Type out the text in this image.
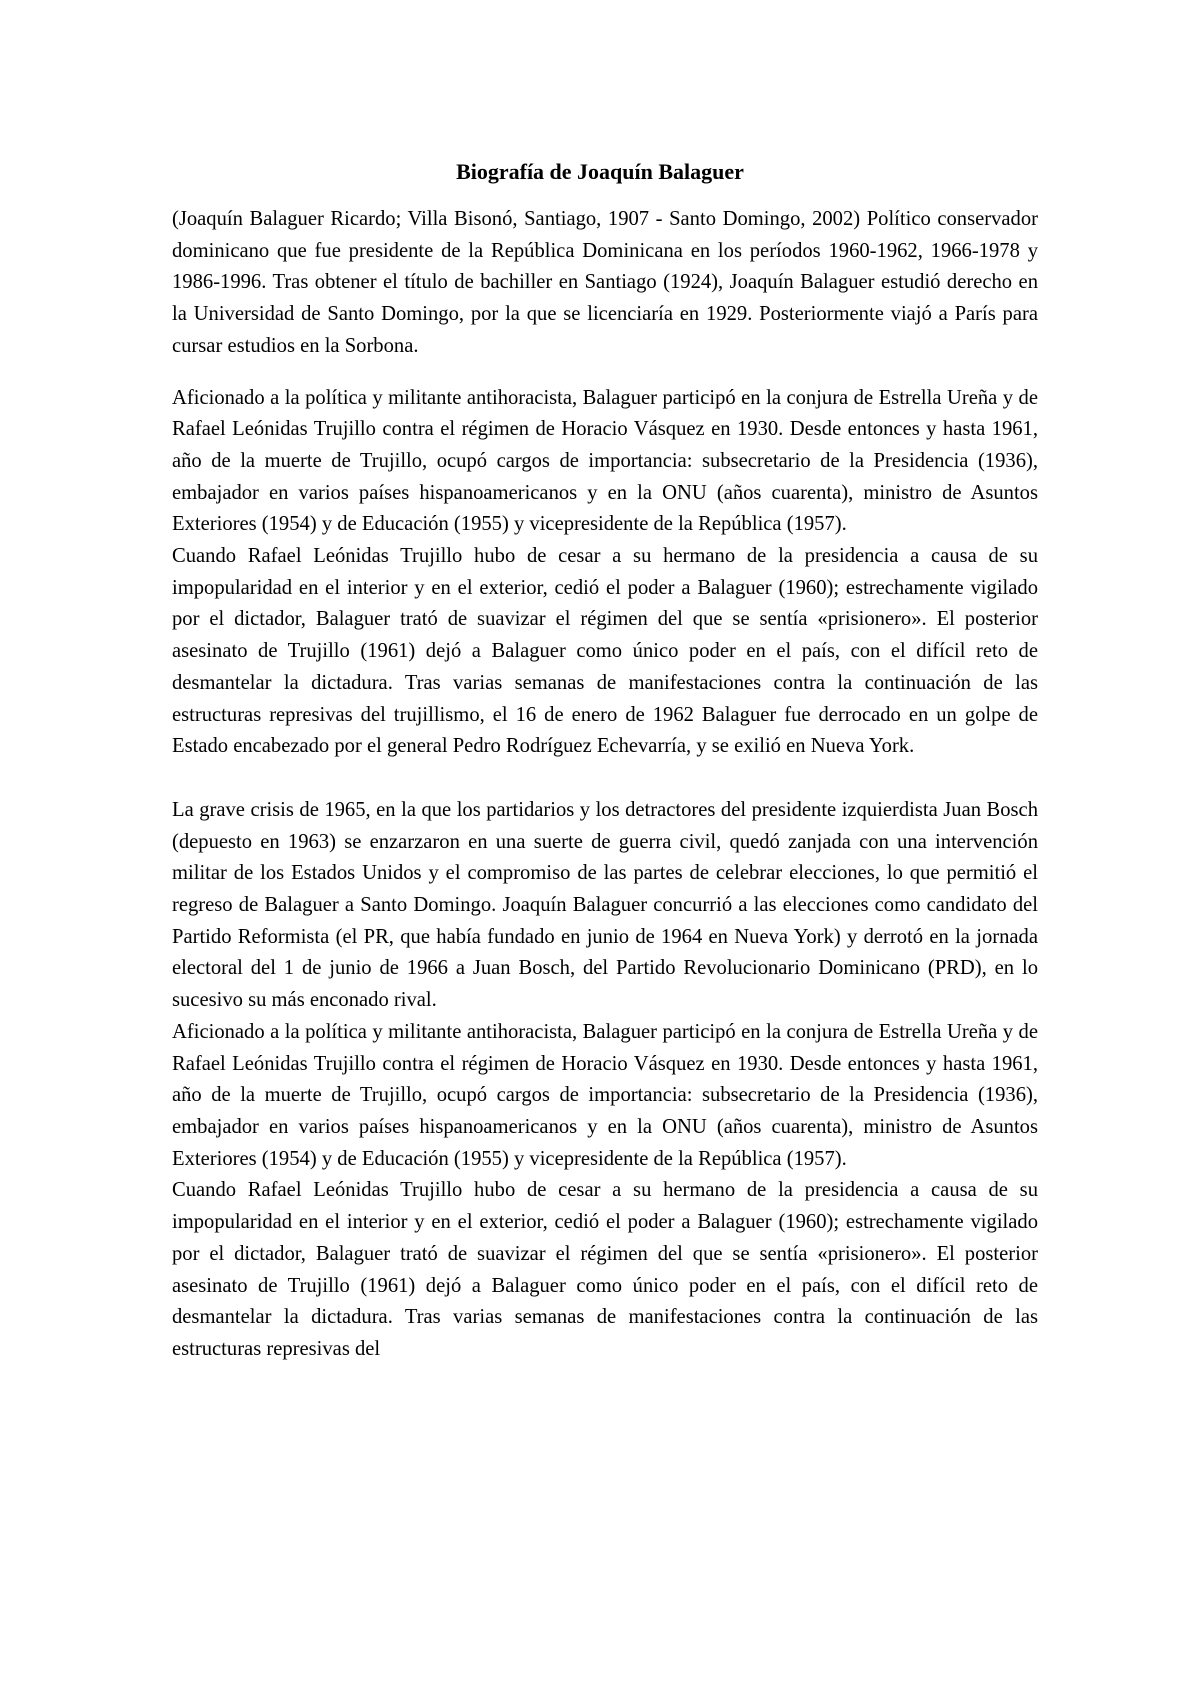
Biografía de Joaquín Balaguer

(Joaquín Balaguer Ricardo; Villa Bisonó, Santiago, 1907 - Santo Domingo, 2002) Político conservador dominicano que fue presidente de la República Dominicana en los períodos 1960-1962, 1966-1978 y 1986-1996. Tras obtener el título de bachiller en Santiago (1924), Joaquín Balaguer estudió derecho en la Universidad de Santo Domingo, por la que se licenciaría en 1929. Posteriormente viajó a París para cursar estudios en la Sorbona.

Aficionado a la política y militante antihoracista, Balaguer participó en la conjura de Estrella Ureña y de Rafael Leónidas Trujillo contra el régimen de Horacio Vásquez en 1930. Desde entonces y hasta 1961, año de la muerte de Trujillo, ocupó cargos de importancia: subsecretario de la Presidencia (1936), embajador en varios países hispanoamericanos y en la ONU (años cuarenta), ministro de Asuntos Exteriores (1954) y de Educación (1955) y vicepresidente de la República (1957).

Cuando Rafael Leónidas Trujillo hubo de cesar a su hermano de la presidencia a causa de su impopularidad en el interior y en el exterior, cedió el poder a Balaguer (1960); estrechamente vigilado por el dictador, Balaguer trató de suavizar el régimen del que se sentía «prisionero». El posterior asesinato de Trujillo (1961) dejó a Balaguer como único poder en el país, con el difícil reto de desmantelar la dictadura. Tras varias semanas de manifestaciones contra la continuación de las estructuras represivas del trujillismo, el 16 de enero de 1962 Balaguer fue derrocado en un golpe de Estado encabezado por el general Pedro Rodríguez Echevarría, y se exilió en Nueva York.

La grave crisis de 1965, en la que los partidarios y los detractores del presidente izquierdista Juan Bosch (depuesto en 1963) se enzarzaron en una suerte de guerra civil, quedó zanjada con una intervención militar de los Estados Unidos y el compromiso de las partes de celebrar elecciones, lo que permitió el regreso de Balaguer a Santo Domingo. Joaquín Balaguer concurrió a las elecciones como candidato del Partido Reformista (el PR, que había fundado en junio de 1964 en Nueva York) y derrotó en la jornada electoral del 1 de junio de 1966 a Juan Bosch, del Partido Revolucionario Dominicano (PRD), en lo sucesivo su más enconado rival.

Aficionado a la política y militante antihoracista, Balaguer participó en la conjura de Estrella Ureña y de Rafael Leónidas Trujillo contra el régimen de Horacio Vásquez en 1930. Desde entonces y hasta 1961, año de la muerte de Trujillo, ocupó cargos de importancia: subsecretario de la Presidencia (1936), embajador en varios países hispanoamericanos y en la ONU (años cuarenta), ministro de Asuntos Exteriores (1954) y de Educación (1955) y vicepresidente de la República (1957).

Cuando Rafael Leónidas Trujillo hubo de cesar a su hermano de la presidencia a causa de su impopularidad en el interior y en el exterior, cedió el poder a Balaguer (1960); estrechamente vigilado por el dictador, Balaguer trató de suavizar el régimen del que se sentía «prisionero». El posterior asesinato de Trujillo (1961) dejó a Balaguer como único poder en el país, con el difícil reto de desmantelar la dictadura. Tras varias semanas de manifestaciones contra la continuación de las estructuras represivas del
